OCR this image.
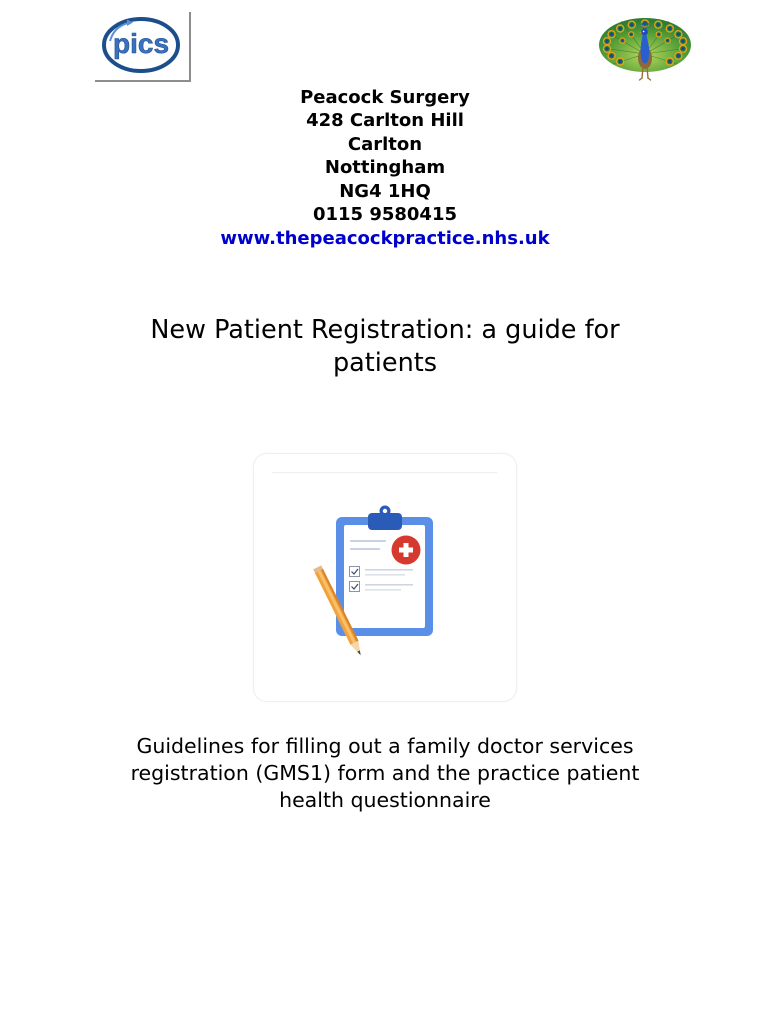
pics
Peacock Surgery
428 Carlton Hill
Carlton
Nottingham
NG4 1HQ
0115 9580415
www.thepeacockpractice.nhs.uk
New Patient Registration: a guide for
patients
Guidelines for filling out a family doctor services
registration (GMS1) form and the practice patient
health questionnaire
